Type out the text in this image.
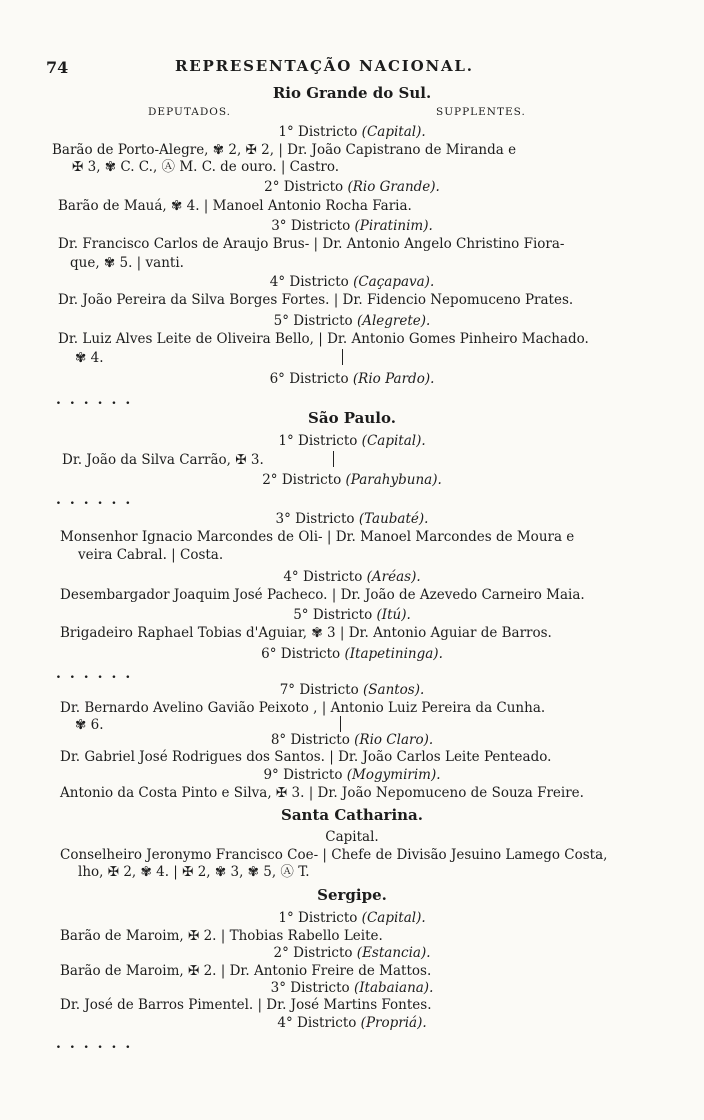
74	REPRESENTAÇÃO NACIONAL.
Rio Grande do Sul.
DEPUTADOS.	SUPPLENTES.
1° Districto (Capital).
Barão de Porto-Alegre, ✾ 2, ✠ 2, | Dr. João Capistrano de Miranda e
✠ 3, ✾ C. C., Ⓐ M. C. de ouro. | Castro.
2° Districto (Rio Grande).
Barão de Mauá, ✾ 4. | Manoel Antonio Rocha Faria.
3° Districto (Piratinim).
Dr. Francisco Carlos de Araujo Brus- | Dr. Antonio Angelo Christino Fiora-
que, ✾ 5. | vanti.
4° Districto (Caçapava).
Dr. João Pereira da Silva Borges Fortes. | Dr. Fidencio Nepomuceno Prates.
5° Districto (Alegrete).
Dr. Luiz Alves Leite de Oliveira Bello, | Dr. Antonio Gomes Pinheiro Machado.
✾ 4.
6° Districto (Rio Pardo).
......
São Paulo.
1° Districto (Capital).
Dr. João da Silva Carrão, ✠ 3.
2° Districto (Parahybuna).
......
3° Districto (Taubaté).
Monsenhor Ignacio Marcondes de Oli- | Dr. Manoel Marcondes de Moura e
veira Cabral. | Costa.
4° Districto (Aréas).
Desembargador Joaquim José Pacheco. | Dr. João de Azevedo Carneiro Maia.
5° Districto (Itú).
Brigadeiro Raphael Tobias d'Aguiar, ✾ 3 | Dr. Antonio Aguiar de Barros.
6° Districto (Itapetininga).
......
7° Districto (Santos).
Dr. Bernardo Avelino Gavião Peixoto , | Antonio Luiz Pereira da Cunha.
✾ 6.
8° Districto (Rio Claro).
Dr. Gabriel José Rodrigues dos Santos. | Dr. João Carlos Leite Penteado.
9° Districto (Mogymirim).
Antonio da Costa Pinto e Silva, ✠ 3. | Dr. João Nepomuceno de Souza Freire.
Santa Catharina.
Capital.
Conselheiro Jeronymo Francisco Coe- | Chefe de Divisão Jesuino Lamego Costa,
lho, ✠ 2, ✾ 4. | ✠ 2, ✾ 3, ✾ 5, Ⓐ T.
Sergipe.
1° Districto (Capital).
Barão de Maroim, ✠ 2. | Thobias Rabello Leite.
2° Districto (Estancia).
Barão de Maroim, ✠ 2. | Dr. Antonio Freire de Mattos.
3° Districto (Itabaiana).
Dr. José de Barros Pimentel. | Dr. José Martins Fontes.
4° Districto (Propriá).
......
